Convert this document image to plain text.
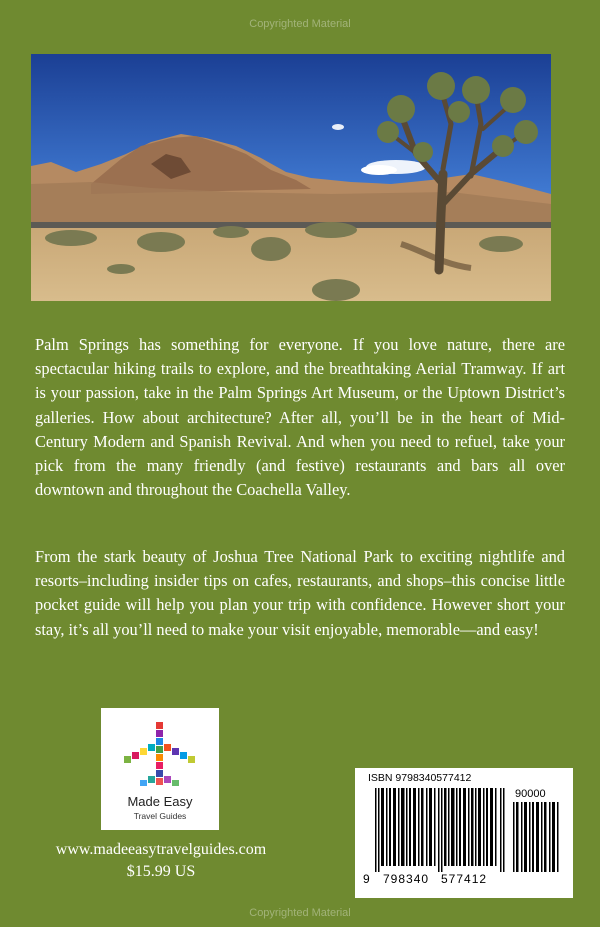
Copyrighted Material

Palm Springs has something for everyone. If you love nature, there are spectacular hiking trails to explore, and the breathtaking Aerial Tramway. If art is your passion, take in the Palm Springs Art Museum, or the Uptown District’s galleries. How about architecture? After all, you’ll be in the heart of Mid-Century Modern and Spanish Revival. And when you need to refuel, take your pick from the many friendly (and festive) restaurants and bars all over downtown and throughout the Coachella Valley.

From the stark beauty of Joshua Tree National Park to exciting nightlife and resorts–including insider tips on cafes, restaurants, and shops–this concise little pocket guide will help you plan your trip with confidence. However short your stay, it’s all you’ll need to make your visit enjoyable, memorable—and easy!

Made Easy
Travel Guides
www.madeeasytravelguides.com
$15.99 US
ISBN 9798340577412
90000
9 798340 577412
Copyrighted Material
